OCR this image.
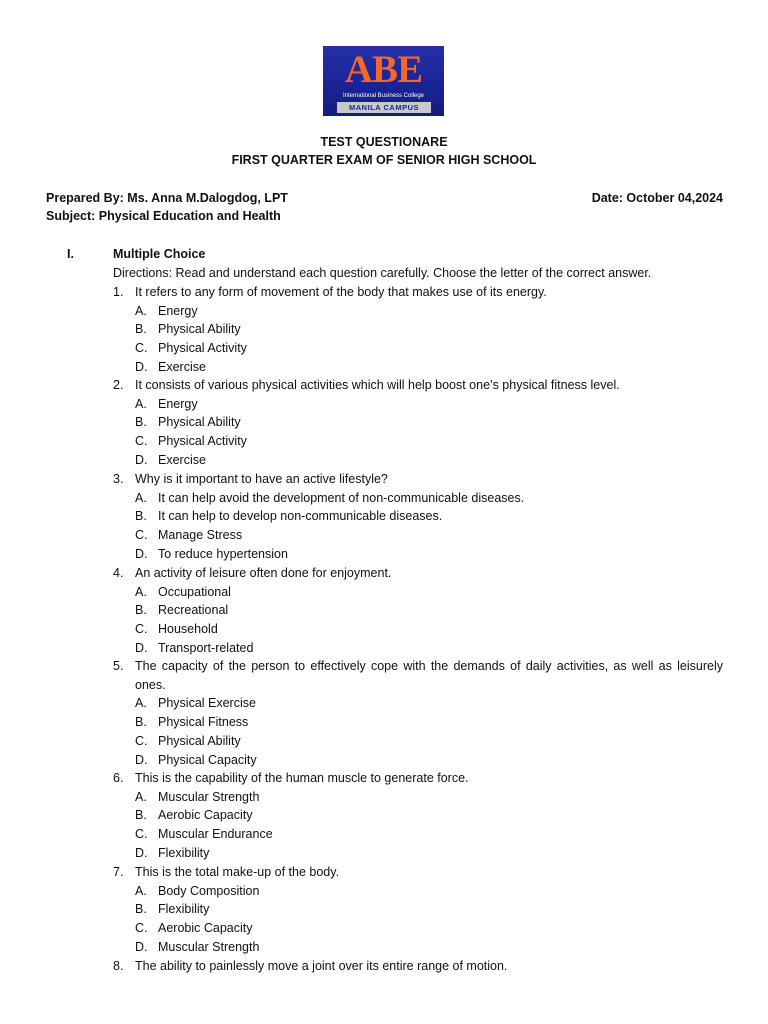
ABE
International Business College
MANILA CAMPUS
TEST QUESTIONARE
FIRST QUARTER EXAM OF SENIOR HIGH SCHOOL
Prepared By: Ms. Anna M.Dalogdog, LPT	Date: October 04,2024
Subject: Physical Education and Health
I.	Multiple Choice
Directions: Read and understand each question carefully. Choose the letter of the correct answer.
1. It refers to any form of movement of the body that makes use of its energy.
A. Energy
B. Physical Ability
C. Physical Activity
D. Exercise
2. It consists of various physical activities which will help boost one’s physical fitness level.
A. Energy
B. Physical Ability
C. Physical Activity
D. Exercise
3. Why is it important to have an active lifestyle?
A. It can help avoid the development of non-communicable diseases.
B. It can help to develop non-communicable diseases.
C. Manage Stress
D. To reduce hypertension
4. An activity of leisure often done for enjoyment.
A. Occupational
B. Recreational
C. Household
D. Transport-related
5. The capacity of the person to effectively cope with the demands of daily activities, as well as leisurely
ones.
A. Physical Exercise
B. Physical Fitness
C. Physical Ability
D. Physical Capacity
6. This is the capability of the human muscle to generate force.
A. Muscular Strength
B. Aerobic Capacity
C. Muscular Endurance
D. Flexibility
7. This is the total make-up of the body.
A. Body Composition
B. Flexibility
C. Aerobic Capacity
D. Muscular Strength
8. The ability to painlessly move a joint over its entire range of motion.
